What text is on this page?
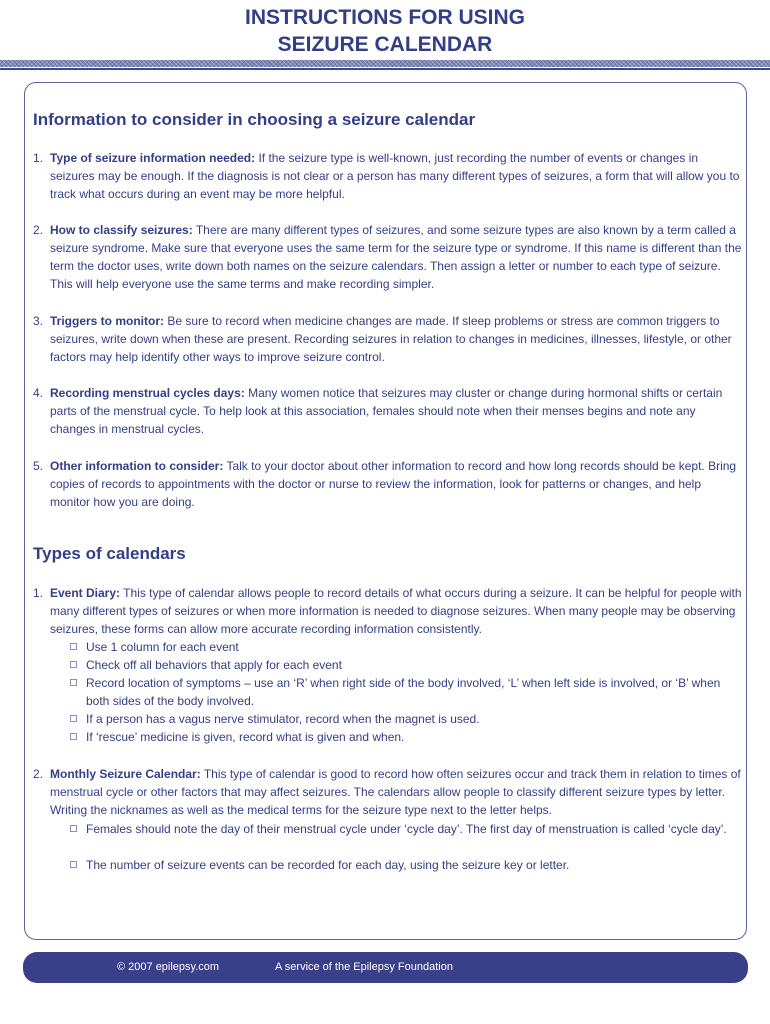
INSTRUCTIONS FOR USING
SEIZURE CALENDAR
Information to consider in choosing a seizure calendar
1. Type of seizure information needed: If the seizure type is well-known, just recording the number of events or changes in seizures may be enough. If the diagnosis is not clear or a person has many different types of seizures, a form that will allow you to track what occurs during an event may be more helpful.
2. How to classify seizures: There are many different types of seizures, and some seizure types are also known by a term called a seizure syndrome. Make sure that everyone uses the same term for the seizure type or syndrome. If this name is different than the term the doctor uses, write down both names on the seizure calendars. Then assign a letter or number to each type of seizure. This will help everyone use the same terms and make recording simpler.
3. Triggers to monitor: Be sure to record when medicine changes are made. If sleep problems or stress are common triggers to seizures, write down when these are present. Recording seizures in relation to changes in medicines, illnesses, lifestyle, or other factors may help identify other ways to improve seizure control.
4. Recording menstrual cycles days: Many women notice that seizures may cluster or change during hormonal shifts or certain parts of the menstrual cycle. To help look at this association, females should note when their menses begins and note any changes in menstrual cycles.
5. Other information to consider: Talk to your doctor about other information to record and how long records should be kept. Bring copies of records to appointments with the doctor or nurse to review the information, look for patterns or changes, and help monitor how you are doing.
Types of calendars
1. Event Diary: This type of calendar allows people to record details of what occurs during a seizure. It can be helpful for people with many different types of seizures or when more information is needed to diagnose seizures. When many people may be observing seizures, these forms can allow more accurate recording information consistently.
Use 1 column for each event
Check off all behaviors that apply for each event
Record location of symptoms – use an ‘R’ when right side of the body involved, ‘L’ when left side is involved, or ‘B’ when both sides of the body involved.
If a person has a vagus nerve stimulator, record when the magnet is used.
If ‘rescue’ medicine is given, record what is given and when.
2. Monthly Seizure Calendar: This type of calendar is good to record how often seizures occur and track them in relation to times of menstrual cycle or other factors that may affect seizures. The calendars allow people to classify different seizure types by letter. Writing the nicknames as well as the medical terms for the seizure type next to the letter helps.
Females should note the day of their menstrual cycle under ‘cycle day’. The first day of menstruation is called ‘cycle day’.
The number of seizure events can be recorded for each day, using the seizure key or letter.
© 2007 epilepsy.com	A service of the Epilepsy Foundation
